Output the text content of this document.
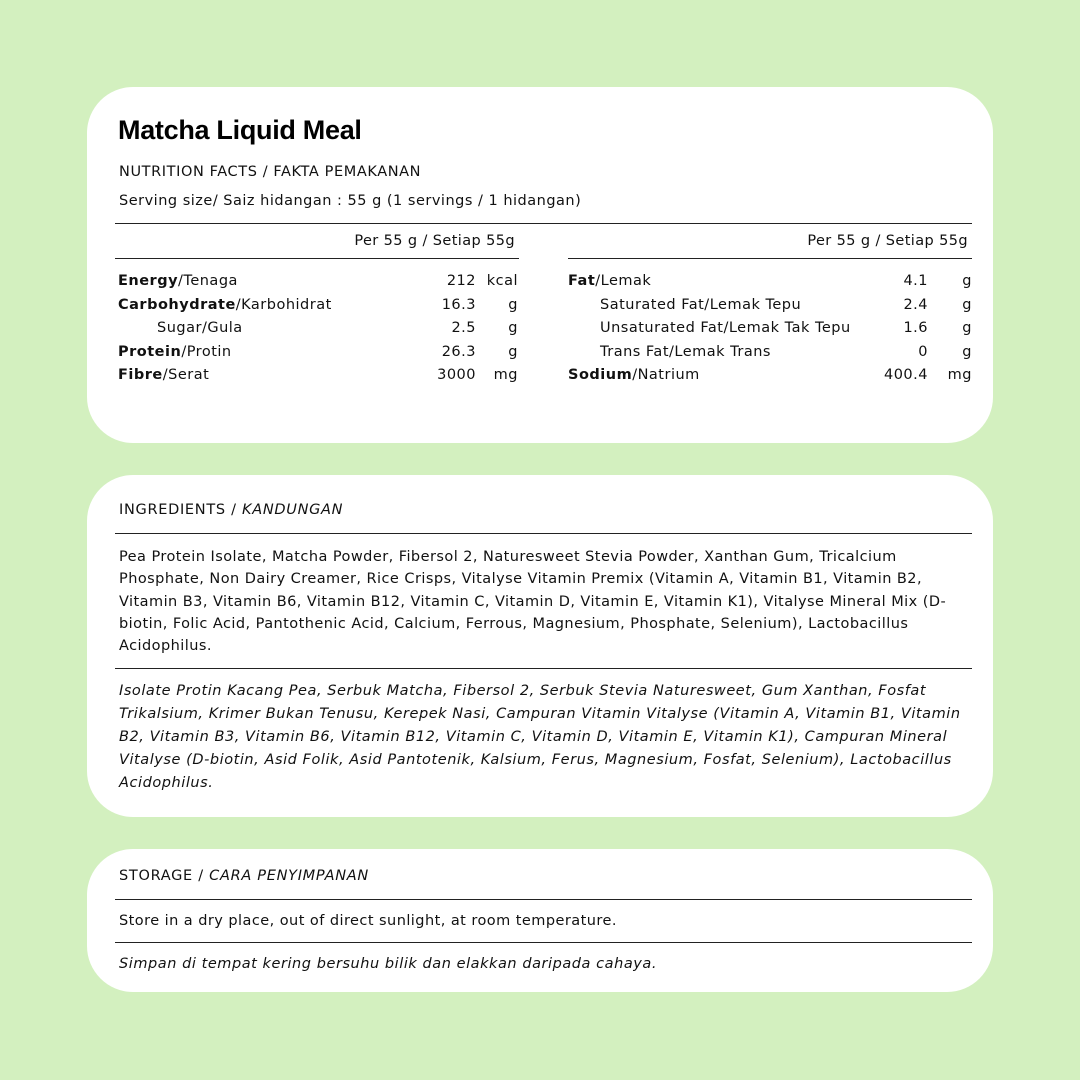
Matcha Liquid Meal
NUTRITION FACTS / FAKTA PEMAKANAN
Serving size/ Saiz hidangan : 55 g (1 servings / 1 hidangan)
Per 55 g / Setiap 55g	Per 55 g / Setiap 55g
Energy/Tenaga	212 kcal
Carbohydrate/Karbohidrat	16.3 g
Sugar/Gula	2.5 g
Protein/Protin	26.3 g
Fibre/Serat	3000 mg
Fat/Lemak	4.1 g
Saturated Fat/Lemak Tepu	2.4 g
Unsaturated Fat/Lemak Tak Tepu	1.6 g
Trans Fat/Lemak Trans	0 g
Sodium/Natrium	400.4 mg
INGREDIENTS / KANDUNGAN
Pea Protein Isolate, Matcha Powder, Fibersol 2, Naturesweet Stevia Powder, Xanthan Gum, Tricalcium Phosphate, Non Dairy Creamer, Rice Crisps, Vitalyse Vitamin Premix (Vitamin A, Vitamin B1, Vitamin B2, Vitamin B3, Vitamin B6, Vitamin B12, Vitamin C, Vitamin D, Vitamin E, Vitamin K1), Vitalyse Mineral Mix (D-biotin, Folic Acid, Pantothenic Acid, Calcium, Ferrous, Magnesium, Phosphate, Selenium), Lactobacillus Acidophilus.
Isolate Protin Kacang Pea, Serbuk Matcha, Fibersol 2, Serbuk Stevia Naturesweet, Gum Xanthan, Fosfat Trikalsium, Krimer Bukan Tenusu, Kerepek Nasi, Campuran Vitamin Vitalyse (Vitamin A, Vitamin B1, Vitamin B2, Vitamin B3, Vitamin B6, Vitamin B12, Vitamin C, Vitamin D, Vitamin E, Vitamin K1), Campuran Mineral Vitalyse (D-biotin, Asid Folik, Asid Pantotenik, Kalsium, Ferus, Magnesium, Fosfat, Selenium), Lactobacillus Acidophilus.
STORAGE / CARA PENYIMPANAN
Store in a dry place, out of direct sunlight, at room temperature.
Simpan di tempat kering bersuhu bilik dan elakkan daripada cahaya.
